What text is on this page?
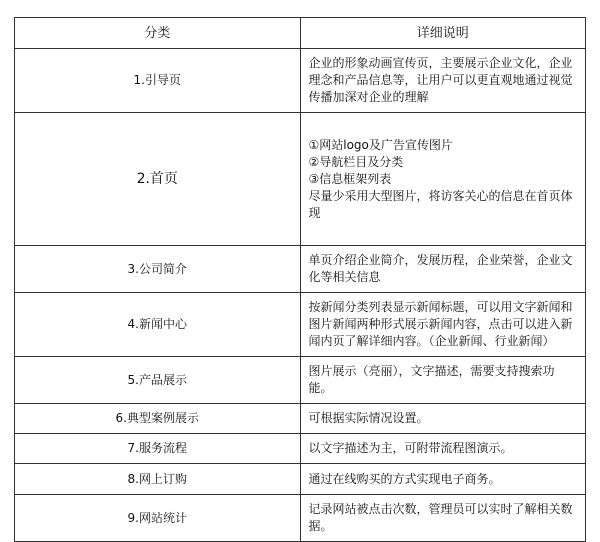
分类	详细说明
1.引导页	企业的形象动画宣传页，主要展示企业文化，企业理念和产品信息等，让用户可以更直观地通过视觉传播加深对企业的理解

2.首页	①网站logo及广告宣传图片

②导航栏目及分类

③信息框架列表

尽量少采用大型图片，将访客关心的信息在首页体现

3.公司简介	单页介绍企业简介，发展历程，企业荣誉，企业文化等相关信息

4.新闻中心	按新闻分类列表显示新闻标题，可以用文字新闻和图片新闻两种形式展示新闻内容，点击可以进入新闻内页了解详细内容。（企业新闻、行业新闻）

5.产品展示	图片展示（亮丽），文字描述，需要支持搜索功能。

6.典型案例展示	可根据实际情况设置。

7.服务流程	以文字描述为主，可附带流程图演示。

8.网上订购	通过在线购买的方式实现电子商务。

9.网站统计	记录网站被点击次数，管理员可以实时了解相关数据。
